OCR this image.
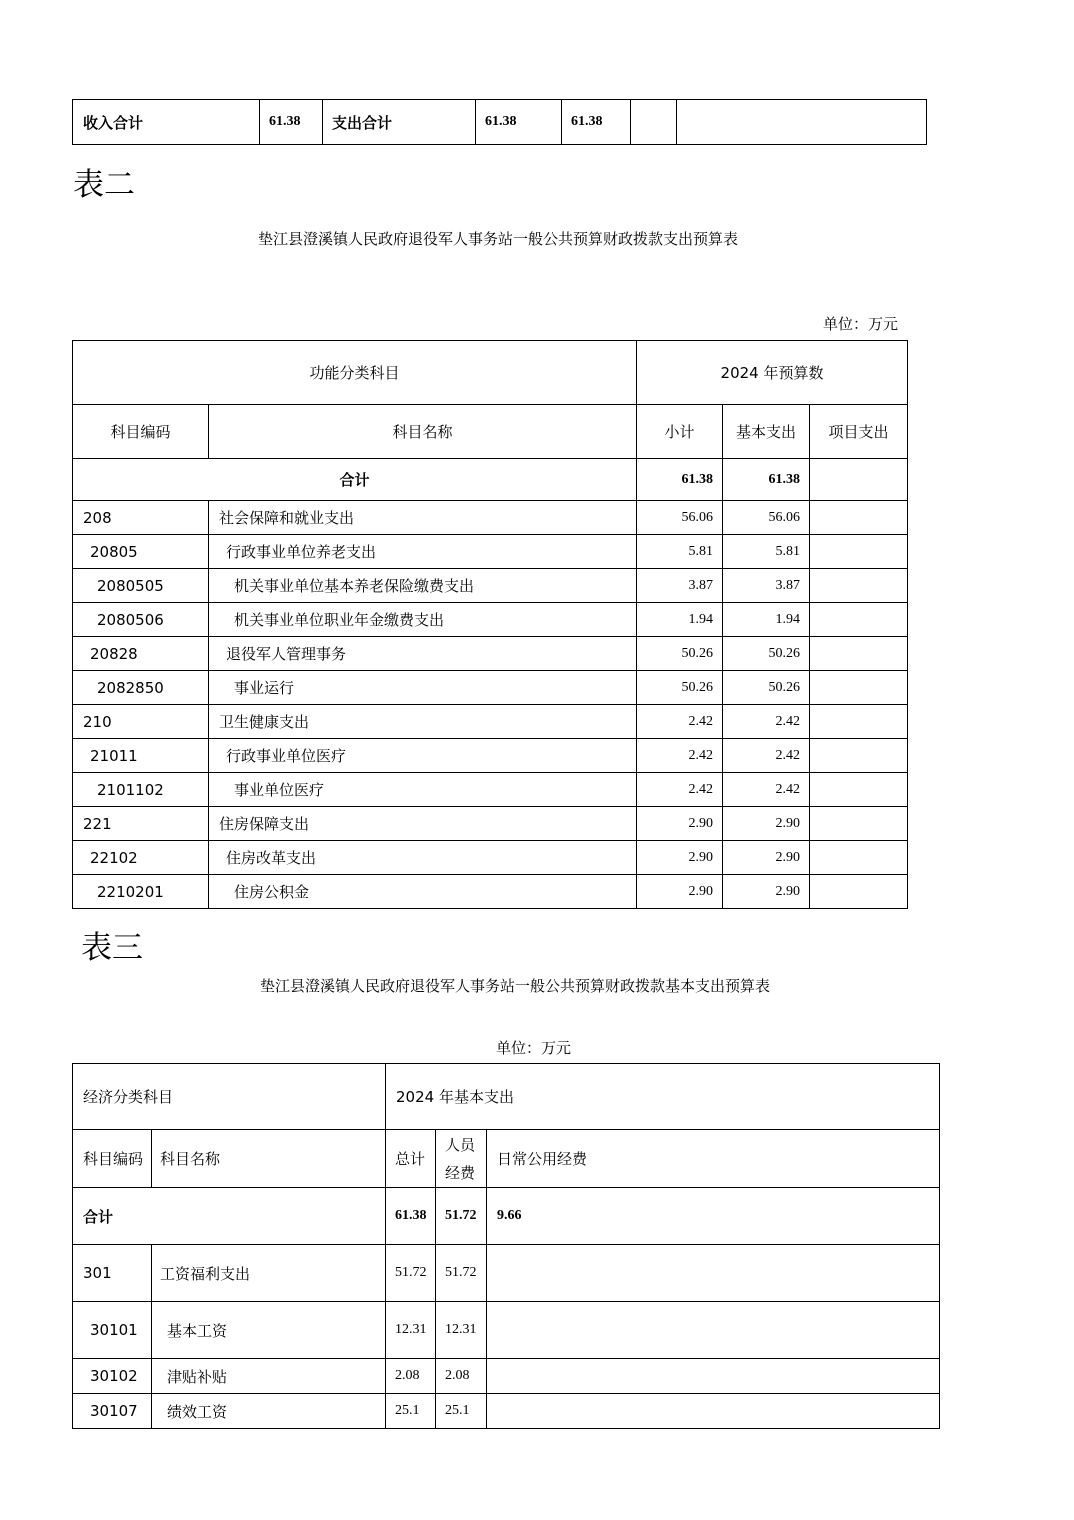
收入合计	61.38	支出合计	61.38	61.38		
表二
垫江县澄溪镇人民政府退役军人事务站一般公共预算财政拨款支出预算表
单位：万元
功能分类科目		2024 年预算数		
科目编码	科目名称	小计	基本支出	项目支出
合计		61.38	61.38	
208	社会保障和就业支出	56.06	56.06	
20805	行政事业单位养老支出	5.81	5.81	
2080505	机关事业单位基本养老保险缴费支出	3.87	3.87	
2080506	机关事业单位职业年金缴费支出	1.94	1.94	
20828	退役军人管理事务	50.26	50.26	
2082850	事业运行	50.26	50.26	
210	卫生健康支出	2.42	2.42	
21011	行政事业单位医疗	2.42	2.42	
2101102	事业单位医疗	2.42	2.42	
221	住房保障支出	2.90	2.90	
22102	住房改革支出	2.90	2.90	
2210201	住房公积金	2.90	2.90	
表三
垫江县澄溪镇人民政府退役军人事务站一般公共预算财政拨款基本支出预算表
单位：万元
经济分类科目		2024 年基本支出		
科目编码	科目名称	总计	人员经费	日常公用经费
合计		61.38	51.72	9.66
301	工资福利支出	51.72	51.72	
30101	基本工资	12.31	12.31	
30102	津贴补贴	2.08	2.08	
30107	绩效工资	25.1	25.1	
